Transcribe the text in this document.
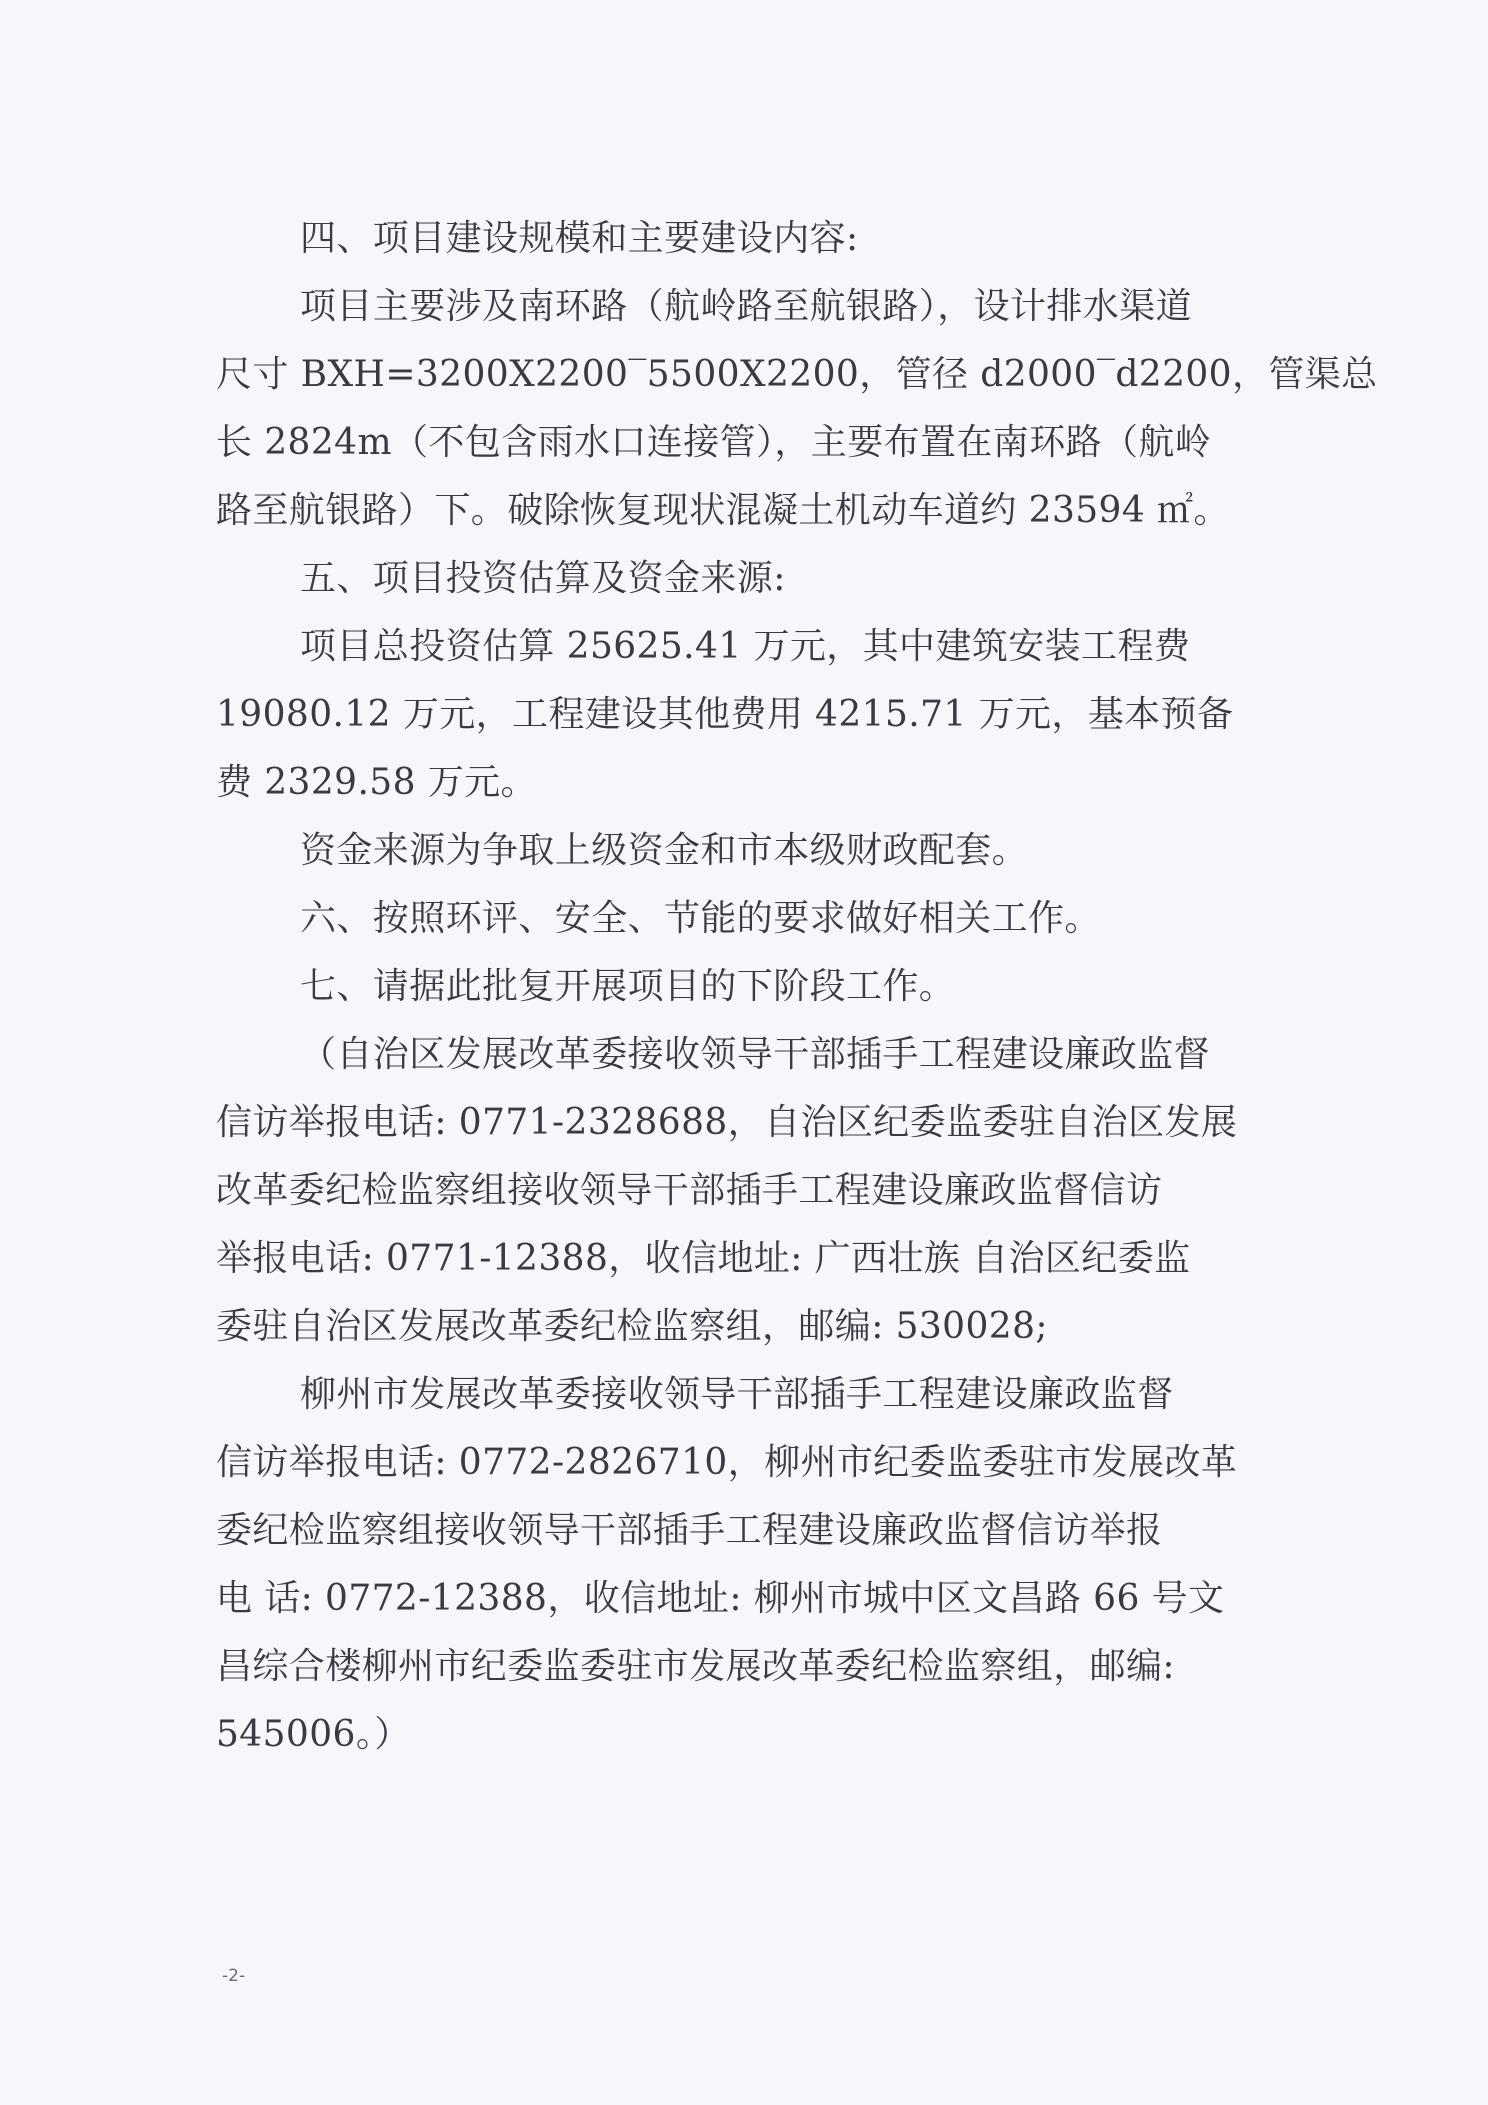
四、项目建设规模和主要建设内容:
项目主要涉及南环路（航岭路至航银路），设计排水渠道
尺寸 BXH=3200X2200‾5500X2200，管径 d2000‾d2200，管渠总
长 2824m（不包含雨水口连接管），主要布置在南环路（航岭
路至航银路）下。破除恢复现状混凝土机动车道约 23594 ㎡。
五、项目投资估算及资金来源:
项目总投资估算 25625.41 万元，其中建筑安装工程费
19080.12 万元，工程建设其他费用 4215.71 万元，基本预备
费 2329.58 万元。
资金来源为争取上级资金和市本级财政配套。
六、按照环评、安全、节能的要求做好相关工作。
七、请据此批复开展项目的下阶段工作。
（自治区发展改革委接收领导干部插手工程建设廉政监督
信访举报电话: 0771-2328688，自治区纪委监委驻自治区发展
改革委纪检监察组接收领导干部插手工程建设廉政监督信访
举报电话: 0771-12388，收信地址: 广西壮族 自治区纪委监
委驻自治区发展改革委纪检监察组，邮编: 530028;
柳州市发展改革委接收领导干部插手工程建设廉政监督
信访举报电话: 0772-2826710，柳州市纪委监委驻市发展改革
委纪检监察组接收领导干部插手工程建设廉政监督信访举报
电 话: 0772-12388，收信地址: 柳州市城中区文昌路 66 号文
昌综合楼柳州市纪委监委驻市发展改革委纪检监察组，邮编:
545006。）
-2-
